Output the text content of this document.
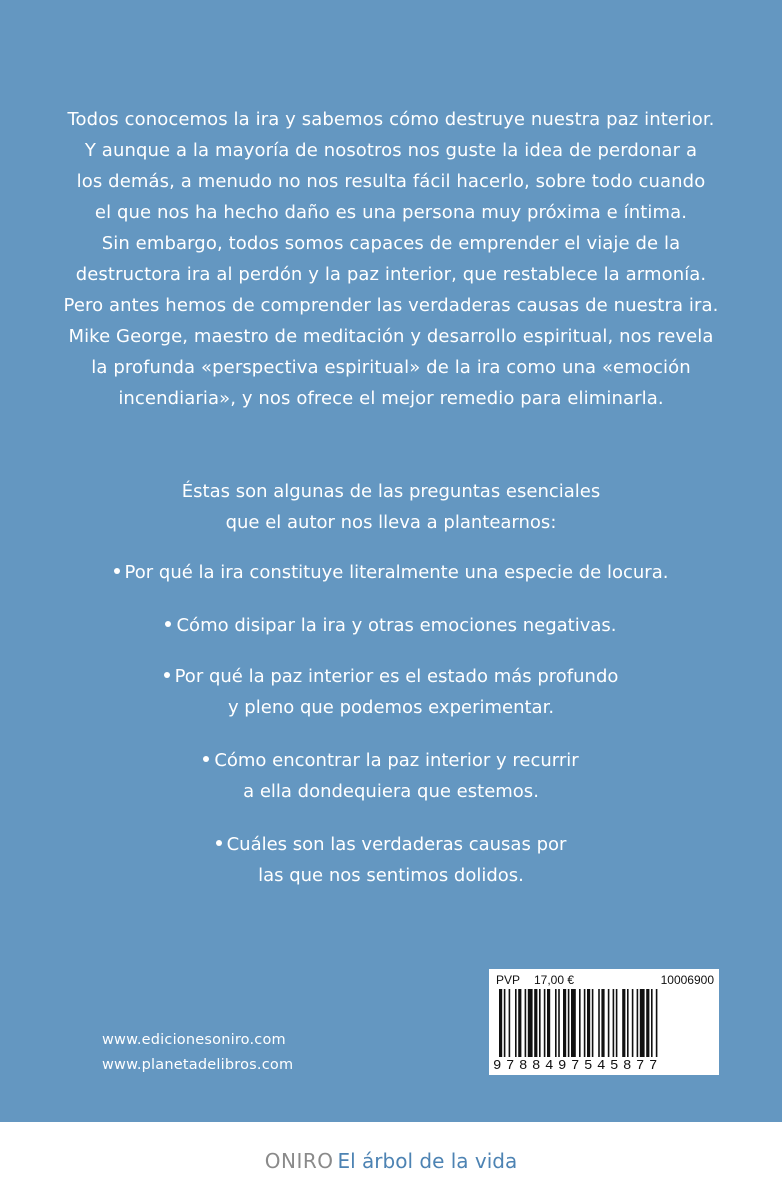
Todos conocemos la ira y sabemos cómo destruye nuestra paz interior.
Y aunque a la mayoría de nosotros nos guste la idea de perdonar a
los demás, a menudo no nos resulta fácil hacerlo, sobre todo cuando
el que nos ha hecho daño es una persona muy próxima e íntima.
Sin embargo, todos somos capaces de emprender el viaje de la
destructora ira al perdón y la paz interior, que restablece la armonía.
Pero antes hemos de comprender las verdaderas causas de nuestra ira.
Mike George, maestro de meditación y desarrollo espiritual, nos revela
la profunda «perspectiva espiritual» de la ira como una «emoción
incendiaria», y nos ofrece el mejor remedio para eliminarla.

Éstas son algunas de las preguntas esenciales
que el autor nos lleva a plantearnos:
Por qué la ira constituye literalmente una especie de locura.
Cómo disipar la ira y otras emociones negativas.
Por qué la paz interior es el estado más profundo
y pleno que podemos experimentar.
Cómo encontrar la paz interior y recurrir
a ella dondequiera que estemos.
Cuáles son las verdaderas causas por
las que nos sentimos dolidos.
www.edicionesoniro.com
www.planetadelibros.com
PVP 17,00 €	10006900
9788497545877
ONIRO El árbol de la vida
